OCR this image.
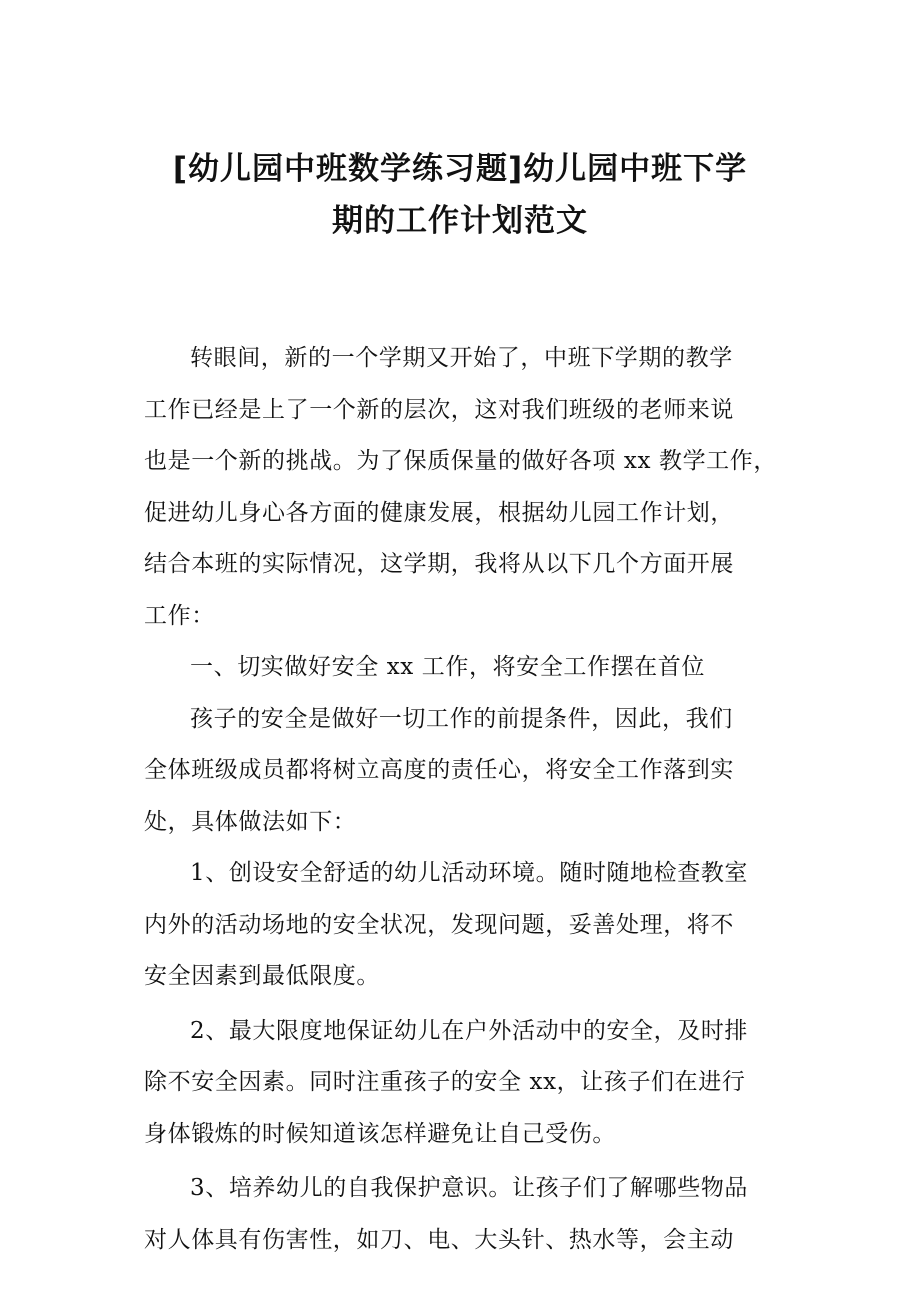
[幼儿园中班数学练习题]幼儿园中班下学
期的工作计划范文
转眼间，新的一个学期又开始了，中班下学期的教学
工作已经是上了一个新的层次，这对我们班级的老师来说
也是一个新的挑战。为了保质保量的做好各项 xx 教学工作，
促进幼儿身心各方面的健康发展，根据幼儿园工作计划，
结合本班的实际情况，这学期，我将从以下几个方面开展
工作：
一、切实做好安全 xx 工作，将安全工作摆在首位
孩子的安全是做好一切工作的前提条件，因此，我们
全体班级成员都将树立高度的责任心，将安全工作落到实
处，具体做法如下：
1、创设安全舒适的幼儿活动环境。随时随地检查教室
内外的活动场地的安全状况，发现问题，妥善处理，将不
安全因素到最低限度。
2、最大限度地保证幼儿在户外活动中的安全，及时排
除不安全因素。同时注重孩子的安全 xx，让孩子们在进行
身体锻炼的时候知道该怎样避免让自己受伤。
3、培养幼儿的自我保护意识。让孩子们了解哪些物品
对人体具有伤害性，如刀、电、大头针、热水等，会主动
